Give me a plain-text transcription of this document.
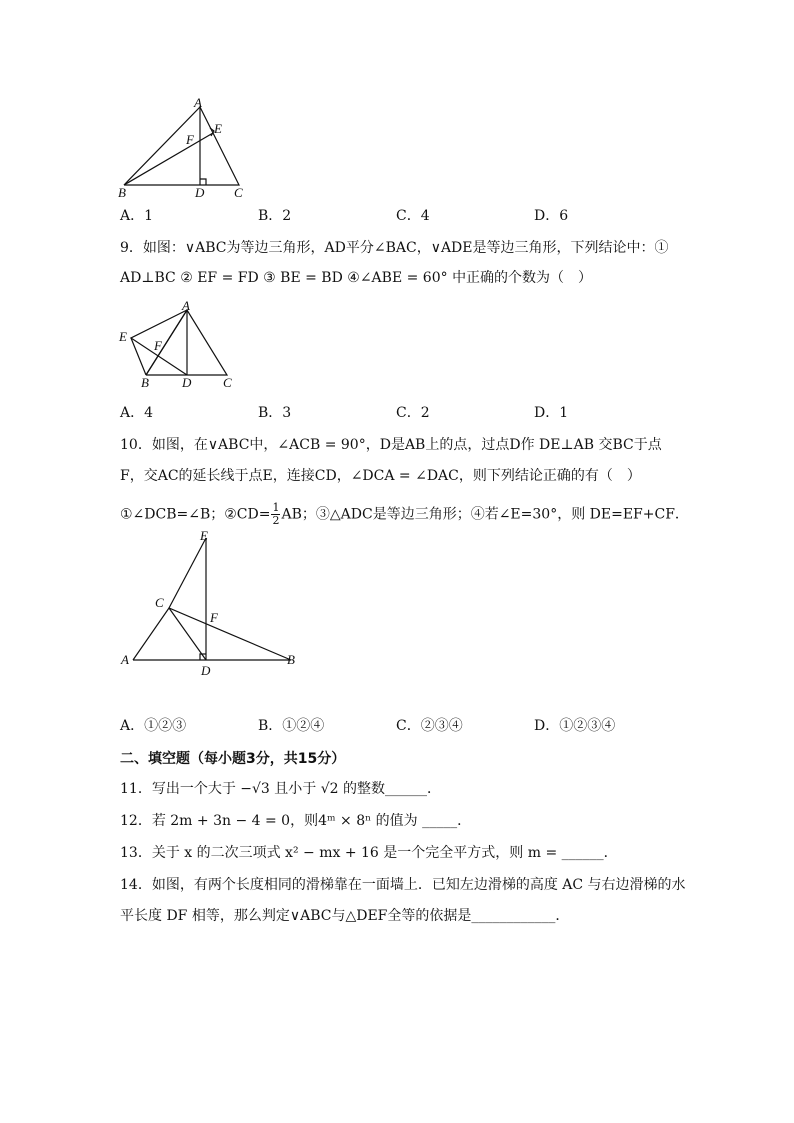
A
E
F
B	D C
A．1	B．2	C．4	D．6
9．如图：∨ABC为等边三角形，AD平分∠BAC，∨ADE是等边三角形，下列结论中：①
AD⊥BC ② EF = FD ③ BE = BD ④∠ABE = 60° 中正确的个数为（　）
A
E
F
B	D C
A．4	B．3	C．2	D．1
10．如图，在∨ABC中，∠ACB = 90°，D是AB上的点，过点D作 DE⊥AB 交BC于点
F，交AC的延长线于点E，连接CD，∠DCA = ∠DAC，则下列结论正确的有（　）
①∠DCB=∠B；②CD= $\frac{1}{2}$ AB；③△ADC是等边三角形；④若∠E=30°，则 DE=EF+CF．
E
C
F
A
D
B
A．①②③	B．①②④	C．②③④	D．①②③④
二、填空题（每小题3分，共15分）
11．写出一个大于 −√3 且小于 √2 的整数______．
12．若 2m + 3n − 4 = 0，则4ᵐ × 8ⁿ 的值为 _____．
13．关于 x 的二次三项式 x² − mx + 16 是一个完全平方式，则 m = ______．
14．如图，有两个长度相同的滑梯靠在一面墙上．已知左边滑梯的高度 AC 与右边滑梯的水
平长度 DF 相等，那么判定∨ABC与△DEF全等的依据是____________．
